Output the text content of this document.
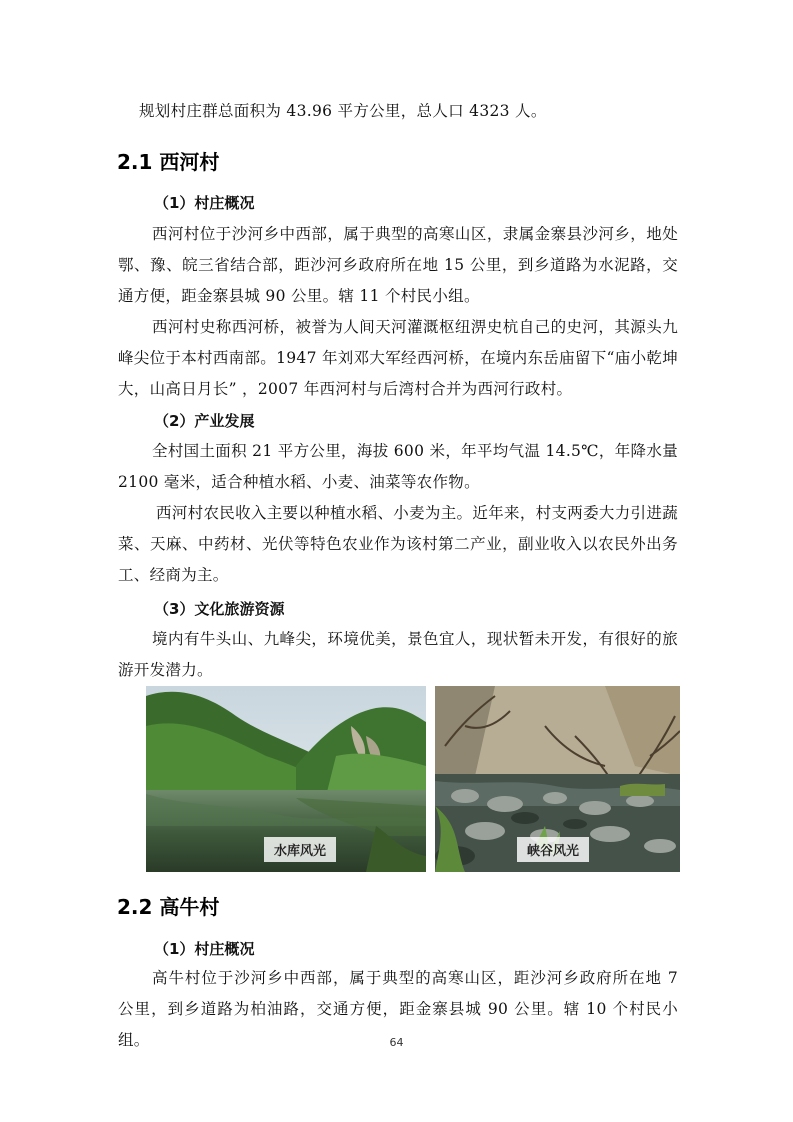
规划村庄群总面积为 43.96 平方公里，总人口 4323 人。

2.1 西河村
（1）村庄概况

西河村位于沙河乡中西部，属于典型的高寒山区，隶属金寨县沙河乡，地处鄂、豫、皖三省结合部，距沙河乡政府所在地 15 公里，到乡道路为水泥路，交通方便，距金寨县城 90 公里。辖 11 个村民小组。

西河村史称西河桥，被誉为人间天河灌溉枢纽淠史杭自己的史河，其源头九峰尖位于本村西南部。1947 年刘邓大军经西河桥，在境内东岳庙留下“庙小乾坤大，山高日月长” ，2007 年西河村与后湾村合并为西河行政村。

（2）产业发展

全村国土面积 21 平方公里，海拔 600 米，年平均气温 14.5℃，年降水量 2100 毫米，适合种植水稻、小麦、油菜等农作物。

西河村农民收入主要以种植水稻、小麦为主。近年来，村支两委大力引进蔬菜、天麻、中药材、光伏等特色农业作为该村第二产业，副业收入以农民外出务工、经商为主。

（3）文化旅游资源

境内有牛头山、九峰尖，环境优美，景色宜人，现状暂未开发，有很好的旅游开发潜力。

水库风光	峡谷风光
2.2 高牛村
（1）村庄概况

高牛村位于沙河乡中西部，属于典型的高寒山区，距沙河乡政府所在地 7 公里，到乡道路为柏油路，交通方便，距金寨县城 90 公里。辖 10 个村民小组。	64
